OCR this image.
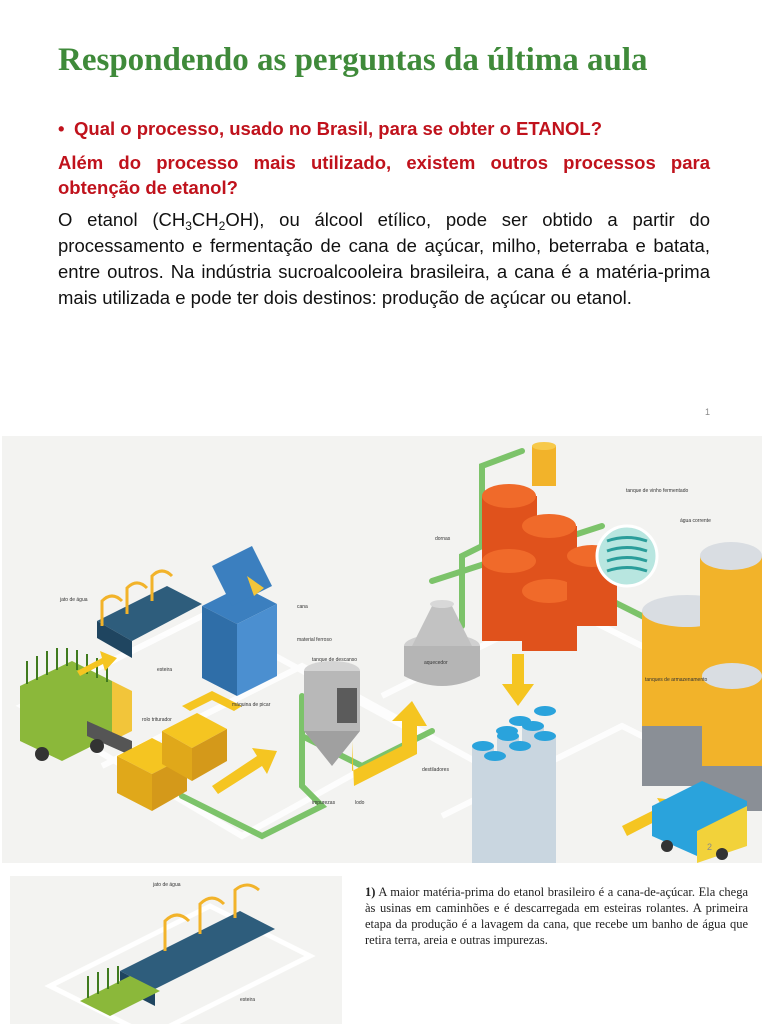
Respondendo as perguntas da última aula
• Qual o processo, usado no Brasil, para se obter o ETANOL?
Além do processo mais utilizado, existem outros processos para obtenção de etanol?
O etanol $(CH_3CH_2OH)$, ou álcool etílico, pode ser obtido a partir do processamento e fermentação de cana de açúcar, milho, beterraba e batata, entre outros. Na indústria sucroalcooleira brasileira, a cana é a matéria-prima mais utilizada e pode ter dois destinos: produção de açúcar ou etanol.
1
jato de água
esteira
cana
material ferroso
máquina de picar
rolo triturador
tanque de descanso
impurezas	lodo
aquecedor
dornas
destiladores
tanque de vinho fermentado
água corrente
tanques de armazenamento
2
jato de água
esteira
1) A maior matéria-prima do etanol brasileiro é a cana-de-açúcar. Ela chega às usinas em caminhões e é descarregada em esteiras rolantes. A primeira etapa da produção é a lavagem da cana, que recebe um banho de água que retira terra, areia e outras impurezas.
